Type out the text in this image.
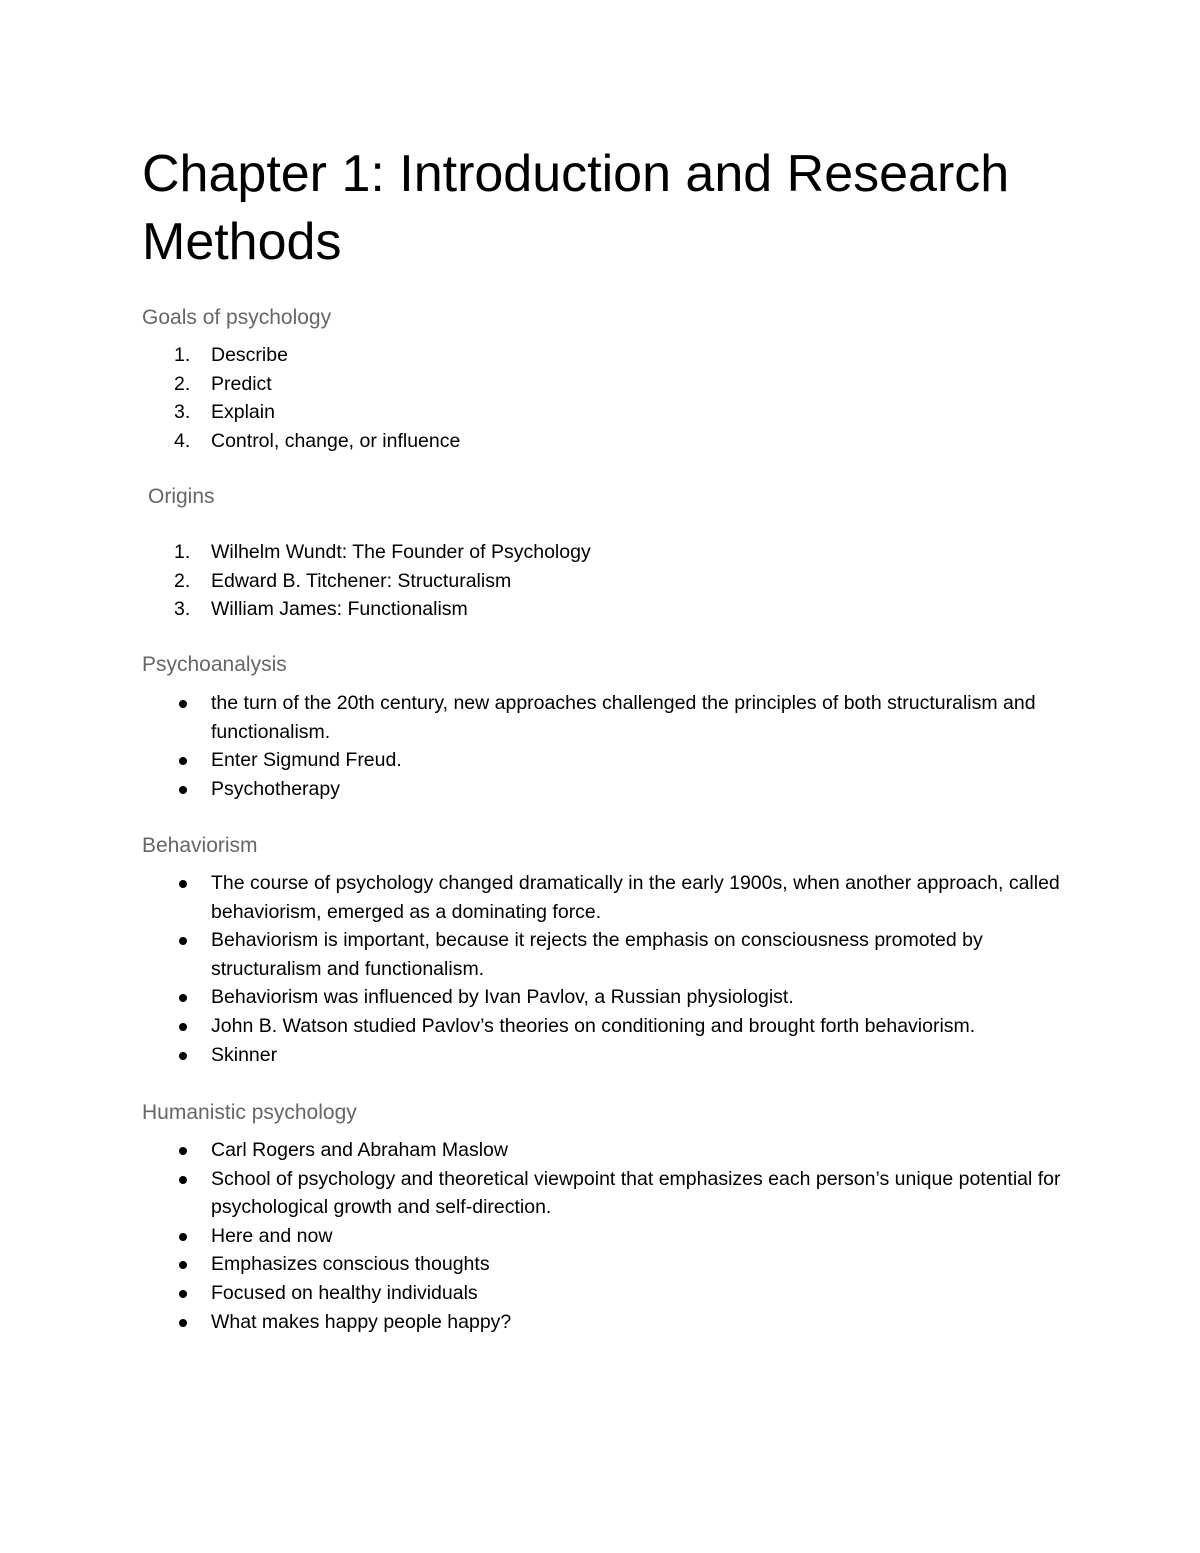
Chapter 1: Introduction and Research Methods
Goals of psychology
1.	Describe
2.	Predict
3.	Explain
4.	Control, change, or influence
Origins
1.	Wilhelm Wundt: The Founder of Psychology
2.	Edward B. Titchener: Structuralism
3.	William James: Functionalism
Psychoanalysis
the turn of the 20th century, new approaches challenged the principles of both structuralism and functionalism.
Enter Sigmund Freud.
Psychotherapy
Behaviorism
The course of psychology changed dramatically in the early 1900s, when another approach, called behaviorism, emerged as a dominating force.
Behaviorism is important, because it rejects the emphasis on consciousness promoted by structuralism and functionalism.
Behaviorism was influenced by Ivan Pavlov, a Russian physiologist.
John B. Watson studied Pavlov’s theories on conditioning and brought forth behaviorism.
Skinner
Humanistic psychology
Carl Rogers and Abraham Maslow
School of psychology and theoretical viewpoint that emphasizes each person’s unique potential for psychological growth and self-direction.
Here and now
Emphasizes conscious thoughts
Focused on healthy individuals
What makes happy people happy?
